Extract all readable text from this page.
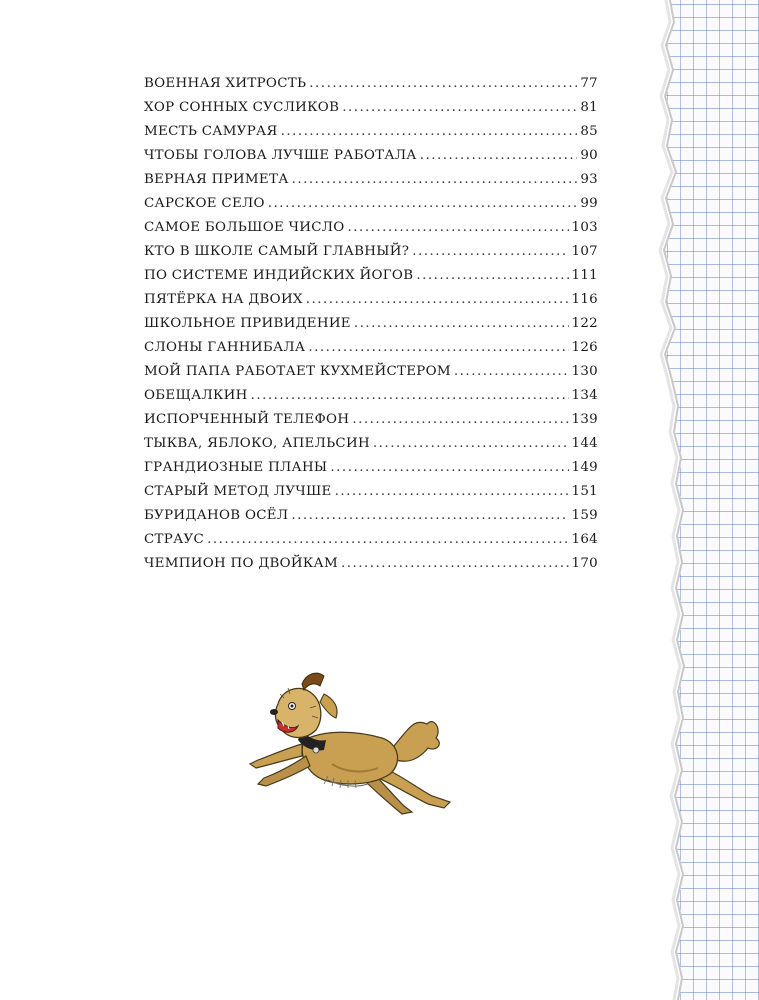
ВОЕННАЯ ХИТРОСТЬ .....	77
ХОР СОННЫХ СУСЛИКОВ .....	81
МЕСТЬ САМУРАЯ .....	85
ЧТОБЫ ГОЛОВА ЛУЧШЕ РАБОТАЛА .....	90
ВЕРНАЯ ПРИМЕТА .....	93
САРСКОЕ СЕЛО .....	99
САМОЕ БОЛЬШОЕ ЧИСЛО .....	103
КТО В ШКОЛЕ САМЫЙ ГЛАВНЫЙ? .....	107
ПО СИСТЕМЕ ИНДИЙСКИХ ЙОГОВ .....	111
ПЯТЁРКА НА ДВОИХ .....	116
ШКОЛЬНОЕ ПРИВИДЕНИЕ .....	122
СЛОНЫ ГАННИБАЛА .....	126
МОЙ ПАПА РАБОТАЕТ КУХМЕЙСТЕРОМ .....	130
ОБЕЩАЛКИН .....	134
ИСПОРЧЕННЫЙ ТЕЛЕФОН .....	139
ТЫКВА, ЯБЛОКО, АПЕЛЬСИН .....	144
ГРАНДИОЗНЫЕ ПЛАНЫ .....	149
СТАРЫЙ МЕТОД ЛУЧШЕ .....	151
БУРИДАНОВ ОСЁЛ .....	159
СТРАУС .....	164
ЧЕМПИОН ПО ДВОЙКАМ .....	170
